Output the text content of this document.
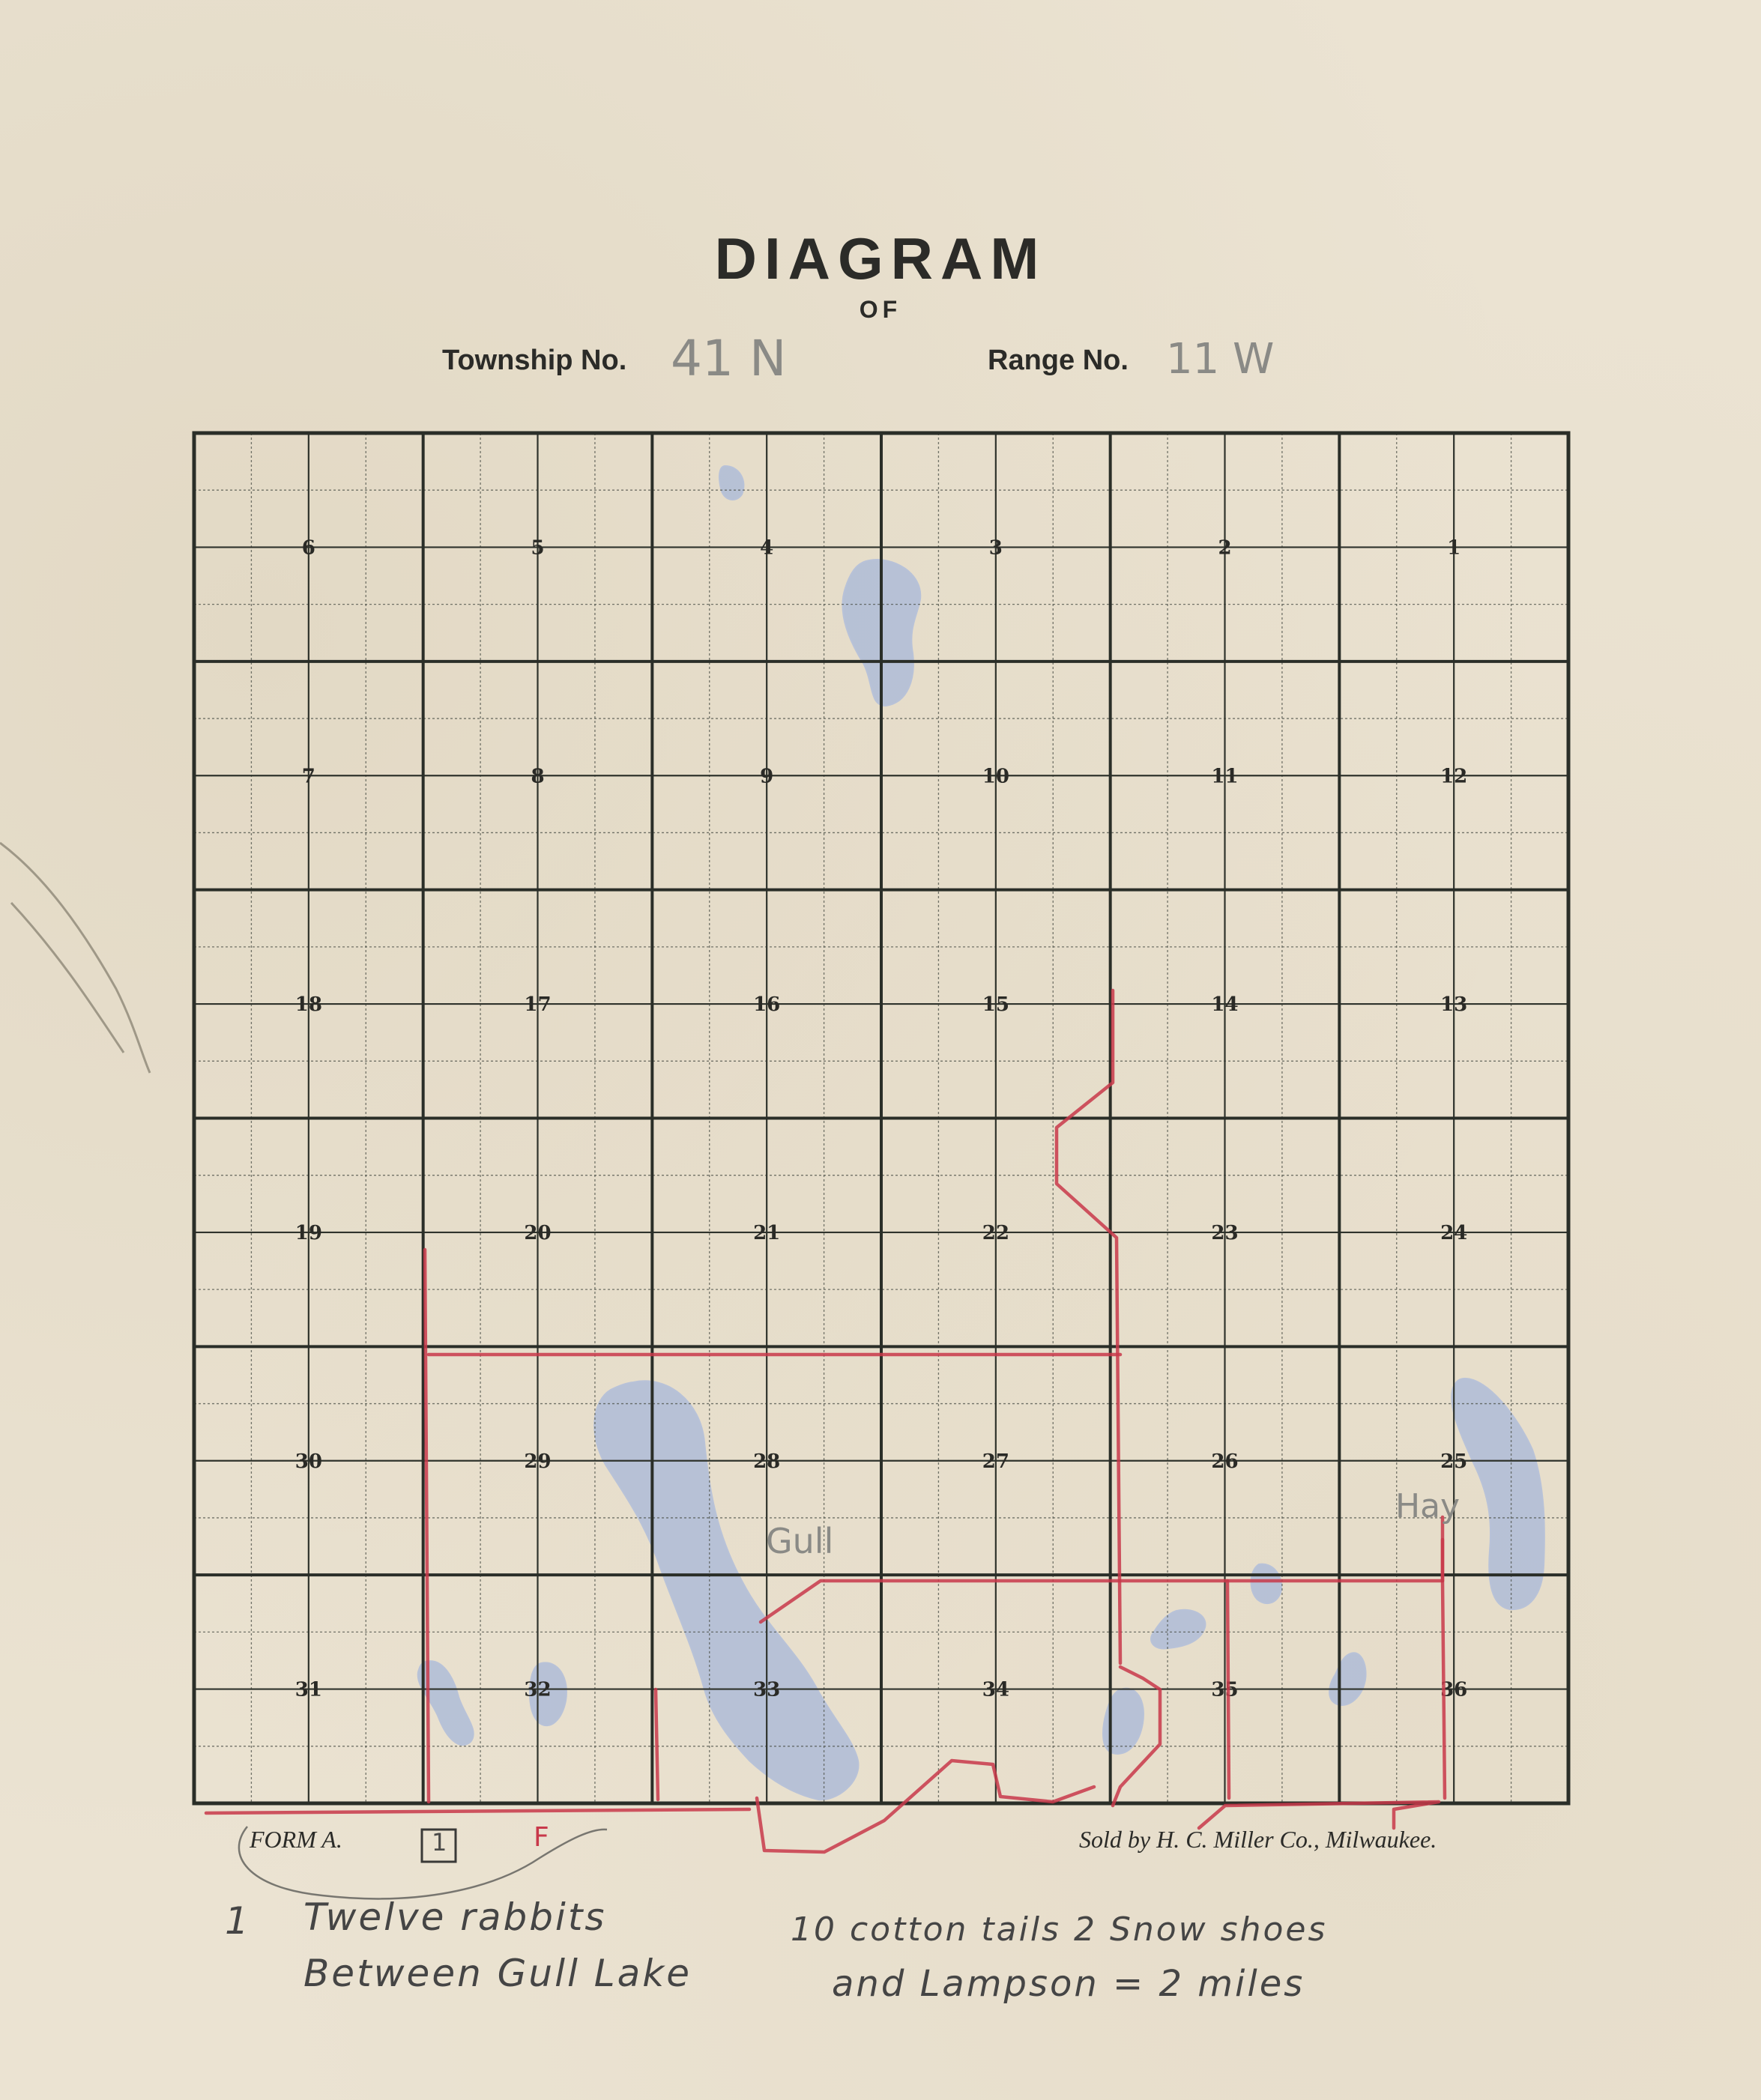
DIAGRAM
OF
Township No. 41 N	Range No. 11 W
6	5	4	3	2	1
7	8	9	10	11	12
18	17	16	15	14	13
19	20	21	22	23	24
30	29	28	27	26	25
31	32	33	34	35	36
Gull
Hay
1	F
FORM A.	Sold by H. C. Miller Co., Milwaukee.
1 Twelve rabbits	10 cotton tails 2 Snow shoes
Between Gull Lake	and Lampson = 2 miles
